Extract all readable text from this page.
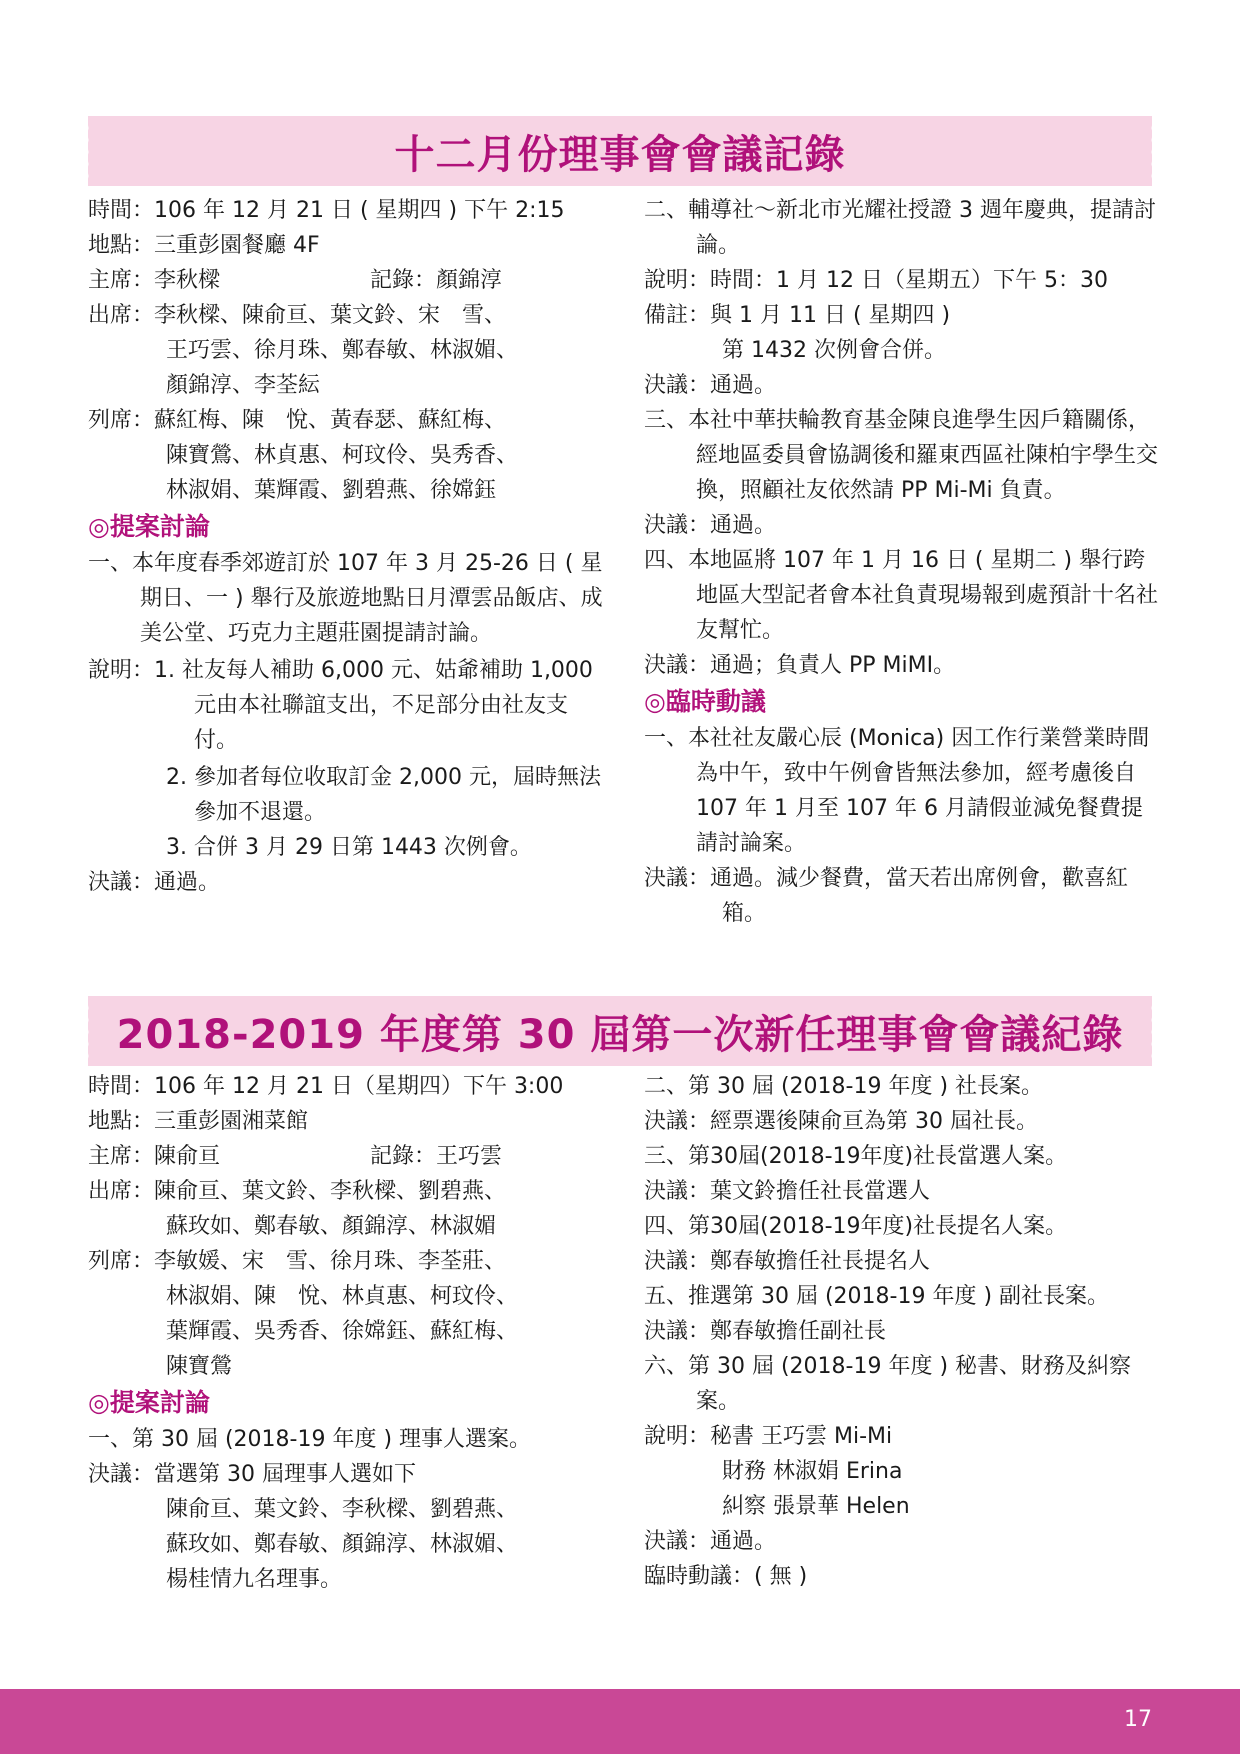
十二月份理事會會議記錄

時間：106 年 12 月 21 日 ( 星期四 ) 下午 2:15

地點：三重彭園餐廳 4F

主席：李秋樑	記錄：顏錦淳

出席：李秋樑、陳俞亘、葉文鈴、宋　雪、

王巧雲、徐月珠、鄭春敏、林淑媚、

顏錦淳、李荃紜

列席：蘇紅梅、陳　悅、黃春瑟、蘇紅梅、

陳寶鶯、林貞惠、柯玟伶、吳秀香、

林淑娟、葉輝霞、劉碧燕、徐嫦鈺

◎提案討論

一、本年度春季郊遊訂於 107 年 3 月 25-26 日 ( 星期日、一 ) 舉行及旅遊地點日月潭雲品飯店、成美公堂、巧克力主題莊園提請討論。

說明：1. 社友每人補助 6,000 元、姑爺補助 1,000 元由本社聯誼支出，不足部分由社友支付。

2. 參加者每位收取訂金 2,000 元，屆時無法參加不退還。

3. 合併 3 月 29 日第 1443 次例會。

決議：通過。

二、輔導社～新北市光耀社授證 3 週年慶典，提請討論。

說明：時間：1 月 12 日（星期五）下午 5：30

備註：與 1 月 11 日 ( 星期四 )

第 1432 次例會合併。

決議：通過。

三、本社中華扶輪教育基金陳良進學生因戶籍關係，經地區委員會協調後和羅東西區社陳柏宇學生交換，照顧社友依然請 PP Mi-Mi 負責。

決議：通過。

四、本地區將 107 年 1 月 16 日 ( 星期二 ) 舉行跨地區大型記者會本社負責現場報到處預計十名社友幫忙。

決議：通過；負責人 PP MiMI。

◎臨時動議

一、本社社友嚴心辰 (Monica) 因工作行業營業時間為中午，致中午例會皆無法參加，經考慮後自 107 年 1 月至 107 年 6 月請假並減免餐費提請討論案。

決議：通過。減少餐費，當天若出席例會，歡喜紅箱。

2018-2019 年度第 30 屆第一次新任理事會會議紀錄

時間：106 年 12 月 21 日（星期四）下午 3:00

地點：三重彭園湘菜館

主席：陳俞亘	記錄：王巧雲

出席：陳俞亘、葉文鈴、李秋樑、劉碧燕、

蘇玫如、鄭春敏、顏錦淳、林淑媚

列席：李敏媛、宋　雪、徐月珠、李荃莊、

林淑娟、陳　悅、林貞惠、柯玟伶、

葉輝霞、吳秀香、徐嫦鈺、蘇紅梅、

陳寶鶯

◎提案討論

一、第 30 屆 (2018-19 年度 ) 理事人選案。

決議：當選第 30 屆理事人選如下

陳俞亘、葉文鈴、李秋樑、劉碧燕、

蘇玫如、鄭春敏、顏錦淳、林淑媚、

楊桂情九名理事。

二、第 30 屆 (2018-19 年度 ) 社長案。

決議：經票選後陳俞亘為第 30 屆社長。

三、第30屆(2018-19年度)社長當選人案。

決議：葉文鈴擔任社長當選人

四、第30屆(2018-19年度)社長提名人案。

決議：鄭春敏擔任社長提名人

五、推選第 30 屆 (2018-19 年度 ) 副社長案。

決議：鄭春敏擔任副社長

六、第 30 屆 (2018-19 年度 ) 秘書、財務及糾察案。

說明：秘書 王巧雲 Mi-Mi

財務 林淑娟 Erina

糾察 張景華 Helen

決議：通過。

臨時動議：( 無 )

17
